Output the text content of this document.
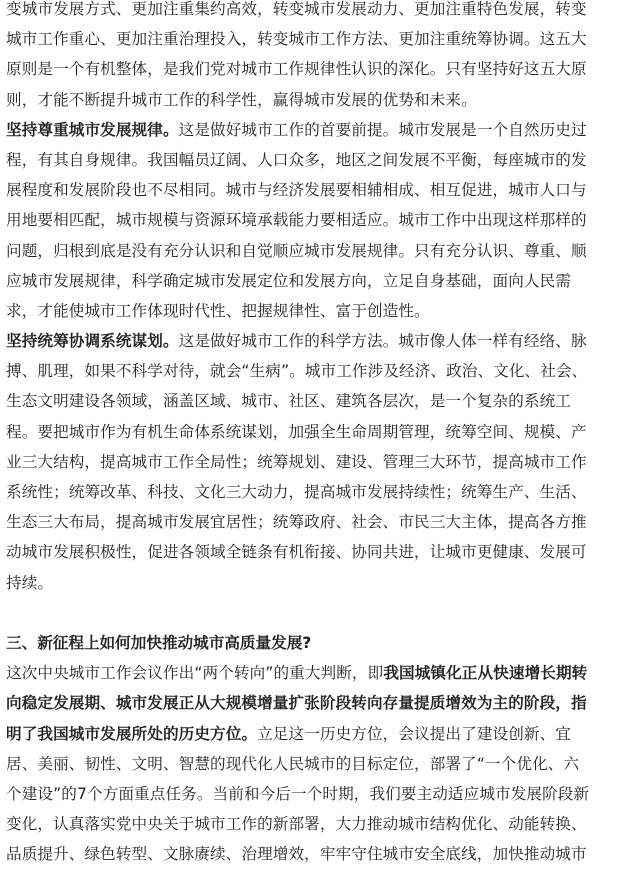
变城市发展方式、更加注重集约高效，转变城市发展动力、更加注重特色发展，转变
城市工作重心、更加注重治理投入，转变城市工作方法、更加注重统筹协调。这五大
原则是一个有机整体，是我们党对城市工作规律性认识的深化。只有坚持好这五大原
则，才能不断提升城市工作的科学性，赢得城市发展的优势和未来。

坚持尊重城市发展规律。这是做好城市工作的首要前提。城市发展是一个自然历史过
程，有其自身规律。我国幅员辽阔、人口众多，地区之间发展不平衡，每座城市的发
展程度和发展阶段也不尽相同。城市与经济发展要相辅相成、相互促进，城市人口与
用地要相匹配，城市规模与资源环境承载能力要相适应。城市工作中出现这样那样的
问题，归根到底是没有充分认识和自觉顺应城市发展规律。只有充分认识、尊重、顺
应城市发展规律，科学确定城市发展定位和发展方向，立足自身基础，面向人民需
求，才能使城市工作体现时代性、把握规律性、富于创造性。

坚持统筹协调系统谋划。这是做好城市工作的科学方法。城市像人体一样有经络、脉
搏、肌理，如果不科学对待，就会“生病”。城市工作涉及经济、政治、文化、社会、
生态文明建设各领域，涵盖区域、城市、社区、建筑各层次，是一个复杂的系统工
程。要把城市作为有机生命体系统谋划，加强全生命周期管理，统筹空间、规模、产
业三大结构，提高城市工作全局性；统筹规划、建设、管理三大环节，提高城市工作
系统性；统筹改革、科技、文化三大动力，提高城市发展持续性；统筹生产、生活、
生态三大布局，提高城市发展宜居性；统筹政府、社会、市民三大主体，提高各方推
动城市发展积极性，促进各领域全链条有机衔接、协同共进，让城市更健康、发展可
持续。

三、新征程上如何加快推动城市高质量发展?

这次中央城市工作会议作出“两个转向”的重大判断，即我国城镇化正从快速增长期转
向稳定发展期、城市发展正从大规模增量扩张阶段转向存量提质增效为主的阶段，指
明了我国城市发展所处的历史方位。立足这一历史方位，会议提出了建设创新、宜
居、美丽、韧性、文明、智慧的现代化人民城市的目标定位，部署了“一个优化、六
个建设”的7个方面重点任务。当前和今后一个时期，我们要主动适应城市发展阶段新
变化，认真落实党中央关于城市工作的新部署，大力推动城市结构优化、动能转换、
品质提升、绿色转型、文脉赓续、治理增效，牢牢守住城市安全底线，加快推动城市
